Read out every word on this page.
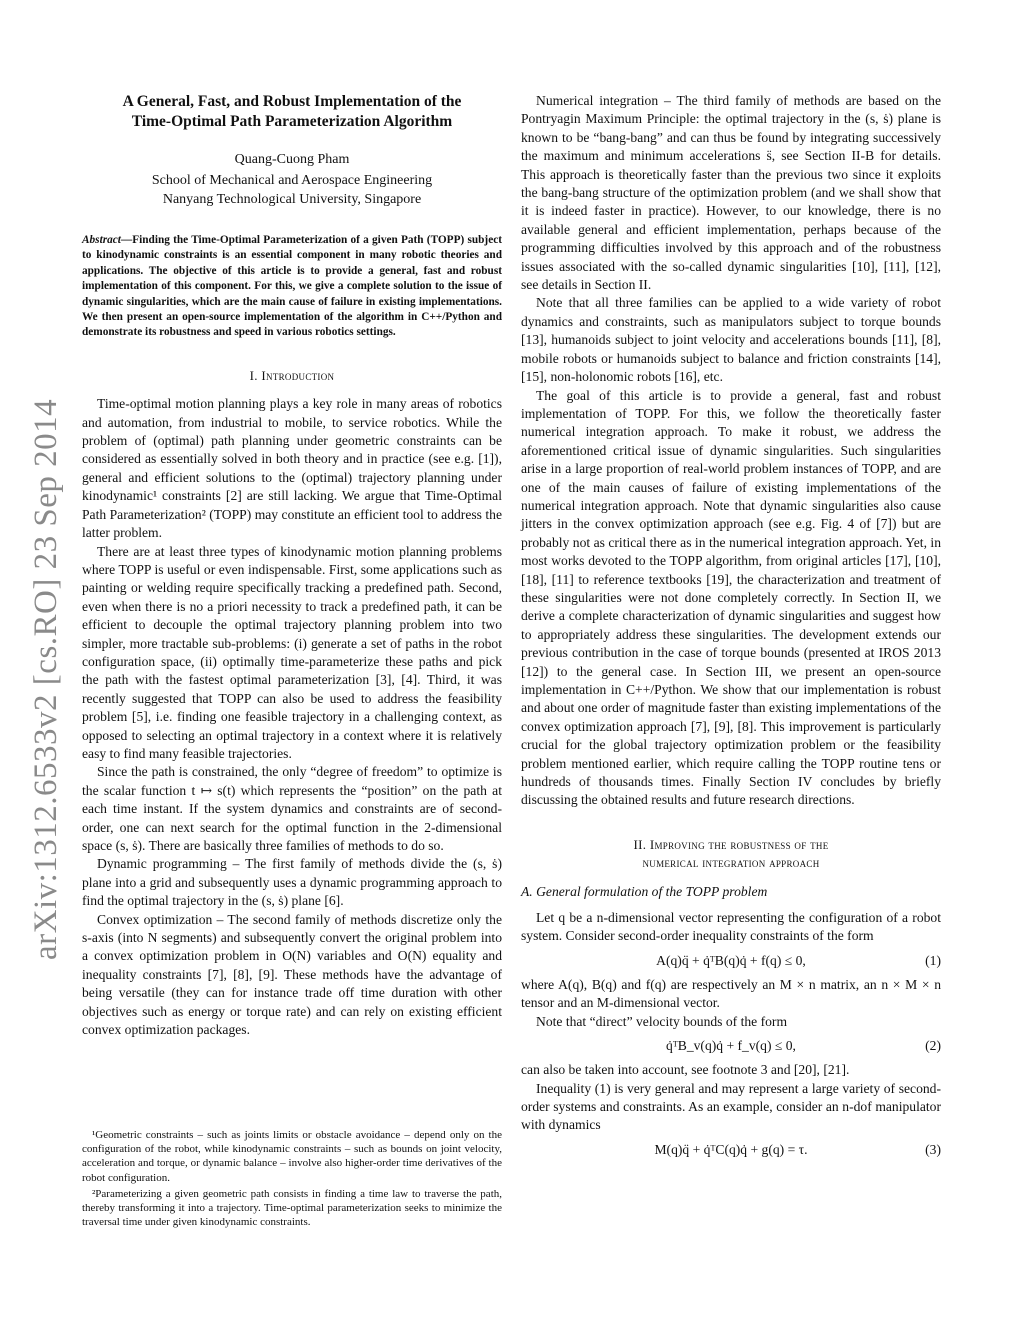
arXiv:1312.6533v2 [cs.RO] 23 Sep 2014
A General, Fast, and Robust Implementation of the
Time-Optimal Path Parameterization Algorithm
Quang-Cuong Pham
School of Mechanical and Aerospace Engineering
Nanyang Technological University, Singapore
Abstract—Finding the Time-Optimal Parameterization of a given Path (TOPP) subject to kinodynamic constraints is an essential component in many robotic theories and applications. The objective of this article is to provide a general, fast and robust implementation of this component. For this, we give a complete solution to the issue of dynamic singularities, which are the main cause of failure in existing implementations. We then present an open-source implementation of the algorithm in C++/Python and demonstrate its robustness and speed in various robotics settings.
I. Introduction

Time-optimal motion planning plays a key role in many areas of robotics and automation, from industrial to mobile, to service robotics. While the problem of (optimal) path planning under geometric constraints can be considered as essentially solved in both theory and in practice (see e.g. [1]), general and efficient solutions to the (optimal) trajectory planning under kinodynamic¹ constraints [2] are still lacking. We argue that Time-Optimal Path Parameterization² (TOPP) may constitute an efficient tool to address the latter problem.

There are at least three types of kinodynamic motion planning problems where TOPP is useful or even indispensable. First, some applications such as painting or welding require specifically tracking a predefined path. Second, even when there is no a priori necessity to track a predefined path, it can be efficient to decouple the optimal trajectory planning problem into two simpler, more tractable sub-problems: (i) generate a set of paths in the robot configuration space, (ii) optimally time-parameterize these paths and pick the path with the fastest optimal parameterization [3], [4]. Third, it was recently suggested that TOPP can also be used to address the feasibility problem [5], i.e. finding one feasible trajectory in a challenging context, as opposed to selecting an optimal trajectory in a context where it is relatively easy to find many feasible trajectories.

Since the path is constrained, the only “degree of freedom” to optimize is the scalar function t ↦ s(t) which represents the “position” on the path at each time instant. If the system dynamics and constraints are of second-order, one can next search for the optimal function in the 2-dimensional space (s, ṡ). There are basically three families of methods to do so.

Dynamic programming – The first family of methods divide the (s, ṡ) plane into a grid and subsequently uses a dynamic programming approach to find the optimal trajectory in the (s, ṡ) plane [6].

Convex optimization – The second family of methods discretize only the s-axis (into N segments) and subsequently convert the original problem into a convex optimization problem in O(N) variables and O(N) equality and inequality constraints [7], [8], [9]. These methods have the advantage of being versatile (they can for instance trade off time duration with other objectives such as energy or torque rate) and can rely on existing efficient convex optimization packages.

¹Geometric constraints – such as joints limits or obstacle avoidance – depend only on the configuration of the robot, while kinodynamic constraints – such as bounds on joint velocity, acceleration and torque, or dynamic balance – involve also higher-order time derivatives of the robot configuration.

²Parameterizing a given geometric path consists in finding a time law to traverse the path, thereby transforming it into a trajectory. Time-optimal parameterization seeks to minimize the traversal time under given kinodynamic constraints.

Numerical integration – The third family of methods are based on the Pontryagin Maximum Principle: the optimal trajectory in the (s, ṡ) plane is known to be “bang-bang” and can thus be found by integrating successively the maximum and minimum accelerations s̈, see Section II-B for details. This approach is theoretically faster than the previous two since it exploits the bang-bang structure of the optimization problem (and we shall show that it is indeed faster in practice). However, to our knowledge, there is no available general and efficient implementation, perhaps because of the programming difficulties involved by this approach and of the robustness issues associated with the so-called dynamic singularities [10], [11], [12], see details in Section II.

Note that all three families can be applied to a wide variety of robot dynamics and constraints, such as manipulators subject to torque bounds [13], humanoids subject to joint velocity and accelerations bounds [11], [8], mobile robots or humanoids subject to balance and friction constraints [14], [15], non-holonomic robots [16], etc.

The goal of this article is to provide a general, fast and robust implementation of TOPP. For this, we follow the theoretically faster numerical integration approach. To make it robust, we address the aforementioned critical issue of dynamic singularities. Such singularities arise in a large proportion of real-world problem instances of TOPP, and are one of the main causes of failure of existing implementations of the numerical integration approach. Note that dynamic singularities also cause jitters in the convex optimization approach (see e.g. Fig. 4 of [7]) but are probably not as critical there as in the numerical integration approach. Yet, in most works devoted to the TOPP algorithm, from original articles [17], [10], [18], [11] to reference textbooks [19], the characterization and treatment of these singularities were not done completely correctly. In Section II, we derive a complete characterization of dynamic singularities and suggest how to appropriately address these singularities. The development extends our previous contribution in the case of torque bounds (presented at IROS 2013 [12]) to the general case. In Section III, we present an open-source implementation in C++/Python. We show that our implementation is robust and about one order of magnitude faster than existing implementations of the convex optimization approach [7], [9], [8]. This improvement is particularly crucial for the global trajectory optimization problem or the feasibility problem mentioned earlier, which require calling the TOPP routine tens or hundreds of thousands times. Finally Section IV concludes by briefly discussing the obtained results and future research directions.

II. Improving the robustness of the
numerical integration approach
A. General formulation of the TOPP problem

Let q be a n-dimensional vector representing the configuration of a robot system. Consider second-order inequality constraints of the form

A(q)q̈ + q̇ᵀB(q)q̇ + f(q) ≤ 0,	(1)

where A(q), B(q) and f(q) are respectively an M × n matrix, an n × M × n tensor and an M-dimensional vector.

Note that “direct” velocity bounds of the form

q̇ᵀB_v(q)q̇ + f_v(q) ≤ 0,	(2)

can also be taken into account, see footnote 3 and [20], [21].

Inequality (1) is very general and may represent a large variety of second-order systems and constraints. As an example, consider an n-dof manipulator with dynamics

M(q)q̈ + q̇ᵀC(q)q̇ + g(q) = τ.	(3)
